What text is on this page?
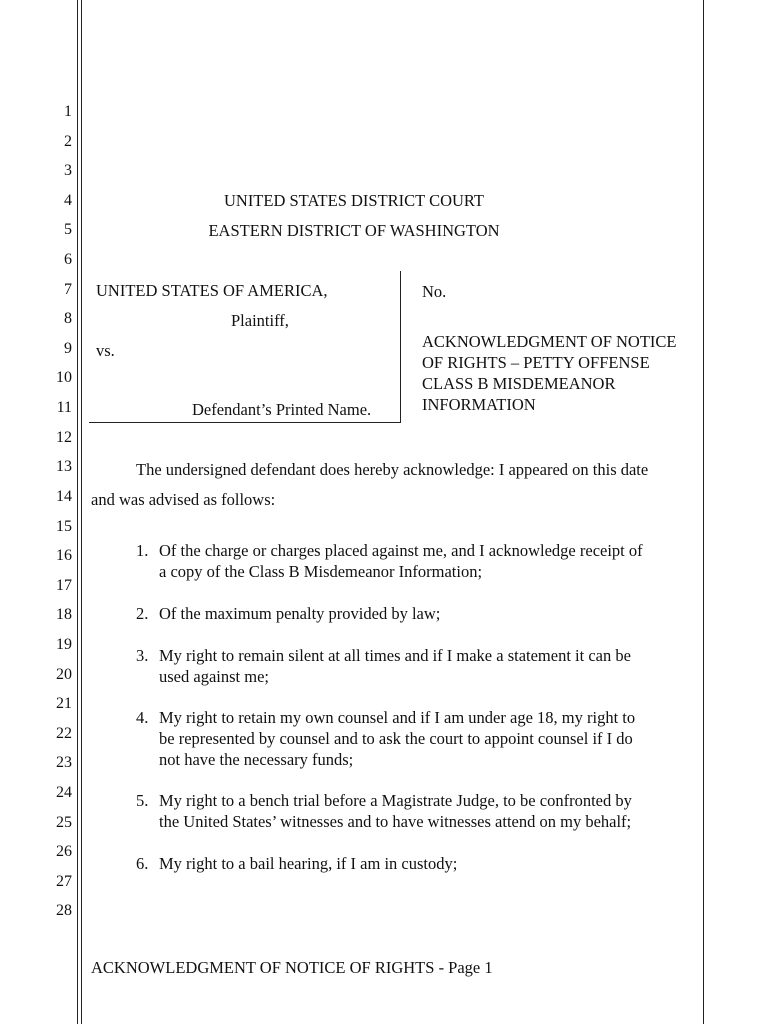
1
2
3
4
5
6
7
8
9
10
11
12
13
14
15
16
17
18
19
20
21
22
23
24
25
26
27
28
UNITED STATES DISTRICT COURT
EASTERN DISTRICT OF WASHINGTON
UNITED STATES OF AMERICA,
Plaintiff,
vs.
Defendant’s Printed Name.
No.
ACKNOWLEDGMENT OF NOTICE
OF RIGHTS – PETTY OFFENSE
CLASS B MISDEMEANOR
INFORMATION
The undersigned defendant does hereby acknowledge: I appeared on this date
and was advised as follows:
1. Of the charge or charges placed against me, and I acknowledge receipt of
a copy of the Class B Misdemeanor Information;
2. Of the maximum penalty provided by law;
3. My right to remain silent at all times and if I make a statement it can be
used against me;
4. My right to retain my own counsel and if I am under age 18, my right to
be represented by counsel and to ask the court to appoint counsel if I do
not have the necessary funds;
5. My right to a bench trial before a Magistrate Judge, to be confronted by
the United States’ witnesses and to have witnesses attend on my behalf;
6. My right to a bail hearing, if I am in custody;
ACKNOWLEDGMENT OF NOTICE OF RIGHTS - Page 1
